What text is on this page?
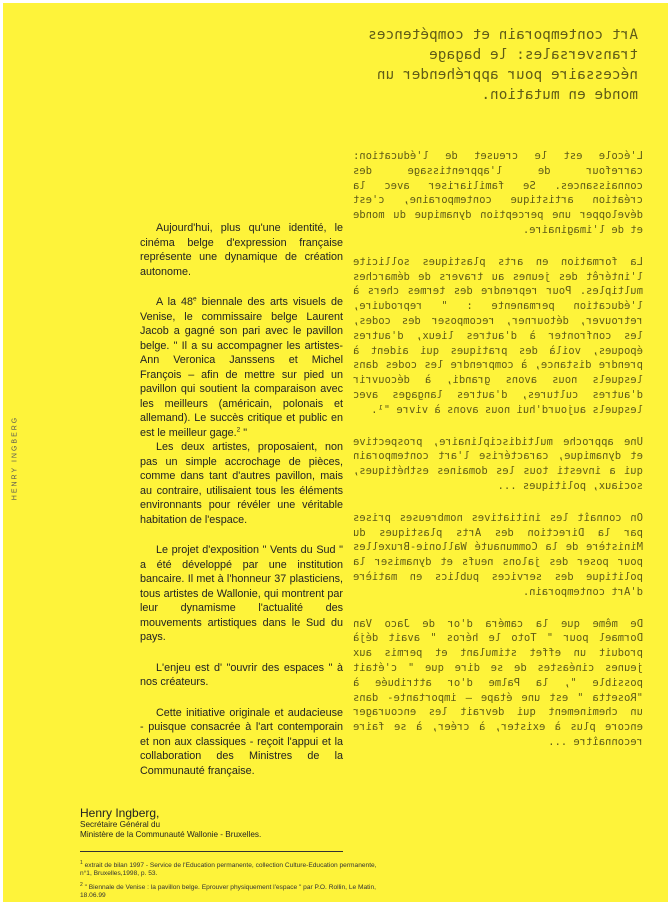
Art contemporain et compétences transversales: le bagage nécessaire pour appréhender un monde en mutation.

L'école est le creuset de l'éducation: carrefour de l'apprentissage des connaissances. Se familiariser avec la création artistique contemporaine, c'est développer une perception dynamique du monde et de l'imaginaire.

La formation en arts plastiques sollicite l'intérêt des jeunes au travers de démarches multiples. Pour reprendre des termes chers à l'éducation permanente : " reproduire, retrouver, détourner, recomposer des codes, les confronter à d'autres lieux, d'autres époques, voilà des pratiques qui aident à prendre distance, à comprendre les codes dans lesquels nous avons grandi, à découvrir d'autres cultures, d'autres langages avec lesquels aujourd'hui nous avons à vivre "¹.

Une approche multidisciplinaire, prospective et dynamique, caractérise l'art contemporain qui a investi tous les domaines esthétiques, sociaux, politiques ...

On connaît les initiatives nombreuses prises par la Direction des Arts plastiques du Ministère de la Communauté Wallonie-Bruxelles pour poser des jalons neufs et dynamiser la politique des services publics en matière d'Art contemporain.

De même que la caméra d'or de Jaco Van Dormael pour " Toto le héros " avait déjà produit un effet stimulant et permis aux jeunes cinéastes de se dire que " c'était possible ", la Palme d'or attribuée à "Rosetta " est une étape – importante- dans un cheminement qui devrait les encourager encore plus à exister, à créer, à se faire reconnaître ...

HENRY INGBERG

Aujourd'hui, plus qu'une identité, le cinéma belge d'expression française représente une dynamique de création autonome.

A la 48e biennale des arts visuels de Venise, le commissaire belge Laurent Jacob a gagné son pari avec le pavillon belge. " Il a su accompagner les artistes- Ann Veronica Janssens et Michel François – afin de mettre sur pied un pavillon qui soutient la comparaison avec les meilleurs (américain, polonais et allemand). Le succès critique et public en est le meilleur gage.$^2$ "

Les deux artistes, proposaient, non pas un simple accrochage de pièces, comme dans tant d'autres pavillon, mais au contraire, utilisaient tous les éléments environnants pour révéler une véritable habitation de l'espace.

Le projet d'exposition " Vents du Sud " a été développé par une institution bancaire. Il met à l'honneur 37 plasticiens, tous artistes de Wallonie, qui montrent par leur dynamisme l'actualité des mouvements artistiques dans le Sud du pays.

L'enjeu est d' "ouvrir des espaces " à nos créateurs.

Cette initiative originale et audacieuse - puisque consacrée à l'art contemporain et non aux classiques - reçoit l'appui et la collaboration des Ministres de la Communauté française.

Henry Ingberg,
Secrétaire Général du
Ministère de la Communauté Wallonie - Bruxelles.
$^1$ extrait de bilan 1997 - Service de l'Education permanente, collection Culture-Education permanente, n°1, Bruxelles,1998, p. 53.
$^2$ " Biennale de Venise : la pavillon belge. Eprouver physiquement l'espace " par P.O. Rollin, Le Matin, 18.06.99
